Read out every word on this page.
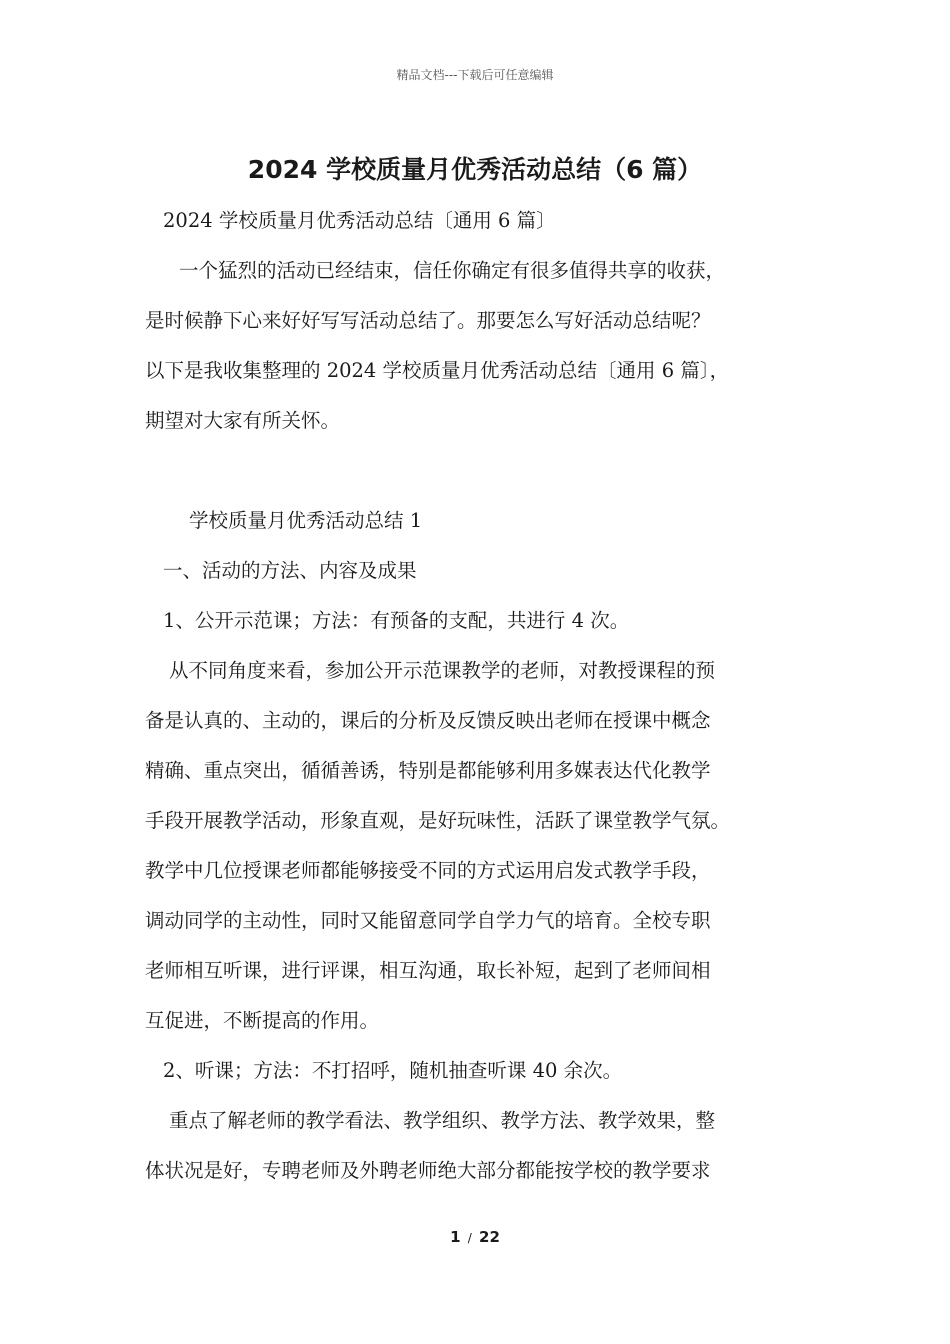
精品文档---下载后可任意编辑
2024 学校质量月优秀活动总结（6 篇）
2024 学校质量月优秀活动总结〔通用 6 篇〕
一个猛烈的活动已经结束，信任你确定有很多值得共享的收获，
是时候静下心来好好写写活动总结了。那要怎么写好活动总结呢？
以下是我收集整理的 2024 学校质量月优秀活动总结〔通用 6 篇〕，
期望对大家有所关怀。
学校质量月优秀活动总结 1
一、活动的方法、内容及成果
1、公开示范课；方法：有预备的支配，共进行 4 次。
从不同角度来看，参加公开示范课教学的老师，对教授课程的预
备是认真的、主动的，课后的分析及反馈反映出老师在授课中概念
精确、重点突出，循循善诱，特别是都能够利用多媒表达代化教学
手段开展教学活动，形象直观，是好玩味性，活跃了课堂教学气氛。
教学中几位授课老师都能够接受不同的方式运用启发式教学手段，
调动同学的主动性，同时又能留意同学自学力气的培育。全校专职
老师相互听课，进行评课，相互沟通，取长补短，起到了老师间相
互促进，不断提高的作用。
2、听课；方法：不打招呼，随机抽查听课 40 余次。
重点了解老师的教学看法、教学组织、教学方法、教学效果，整
体状况是好，专聘老师及外聘老师绝大部分都能按学校的教学要求
1 / 22
